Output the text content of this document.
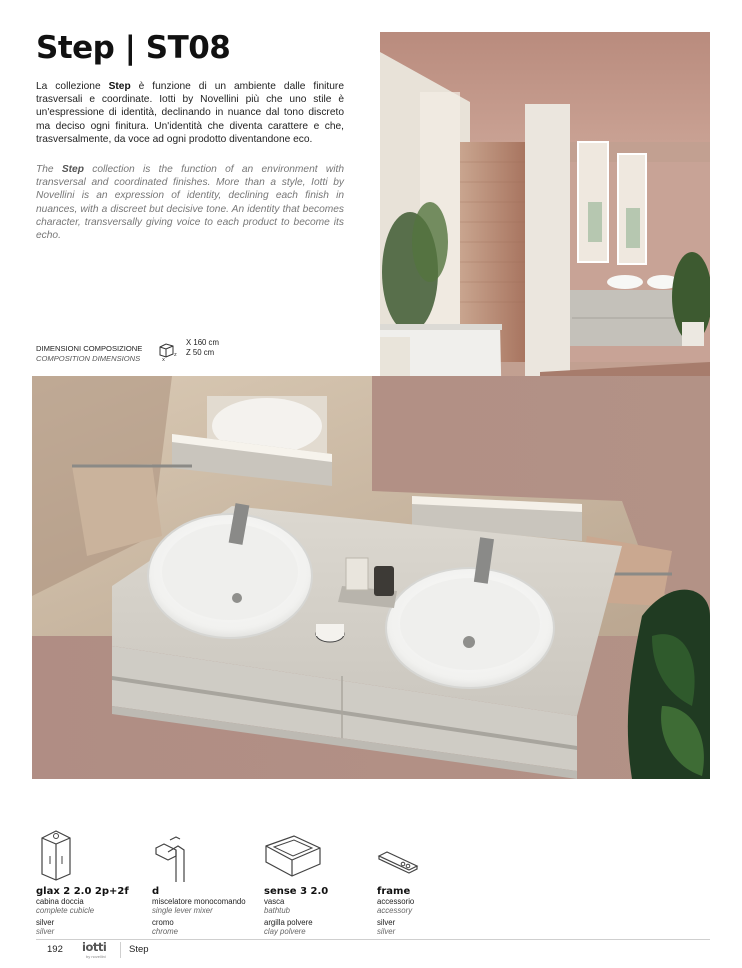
Step | ST08

La collezione Step è funzione di un ambiente dalle finiture trasversali e coordinate. Iotti by Novellini più che uno stile è un'espressione di identità, declinando in nuance dal tono discreto ma deciso ogni finitura. Un'identità che diventa carattere e che, trasversalmente, da voce ad ogni prodotto diventandone eco.

The Step collection is the function of an environment with transversal and coordinated finishes. More than a style, Iotti by Novellini is an expression of identity, declining each finish in nuances, with a discreet but decisive tone. An identity that becomes character, transversally giving voice to each product to become its echo.

DIMENSIONI COMPOSIZIONE
COMPOSITION DIMENSIONS	x
z
X 160 cm
Z 50 cm
glax 2 2.0 2p+2f
cabina doccia
complete cubicle
silver
silver
d
miscelatore monocomando
single lever mixer
cromo
chrome
sense 3 2.0
vasca
bathtub
argilla polvere
clay polvere
frame
accessorio
accessory
silver
silver
192 iotti
by novellini
Step
